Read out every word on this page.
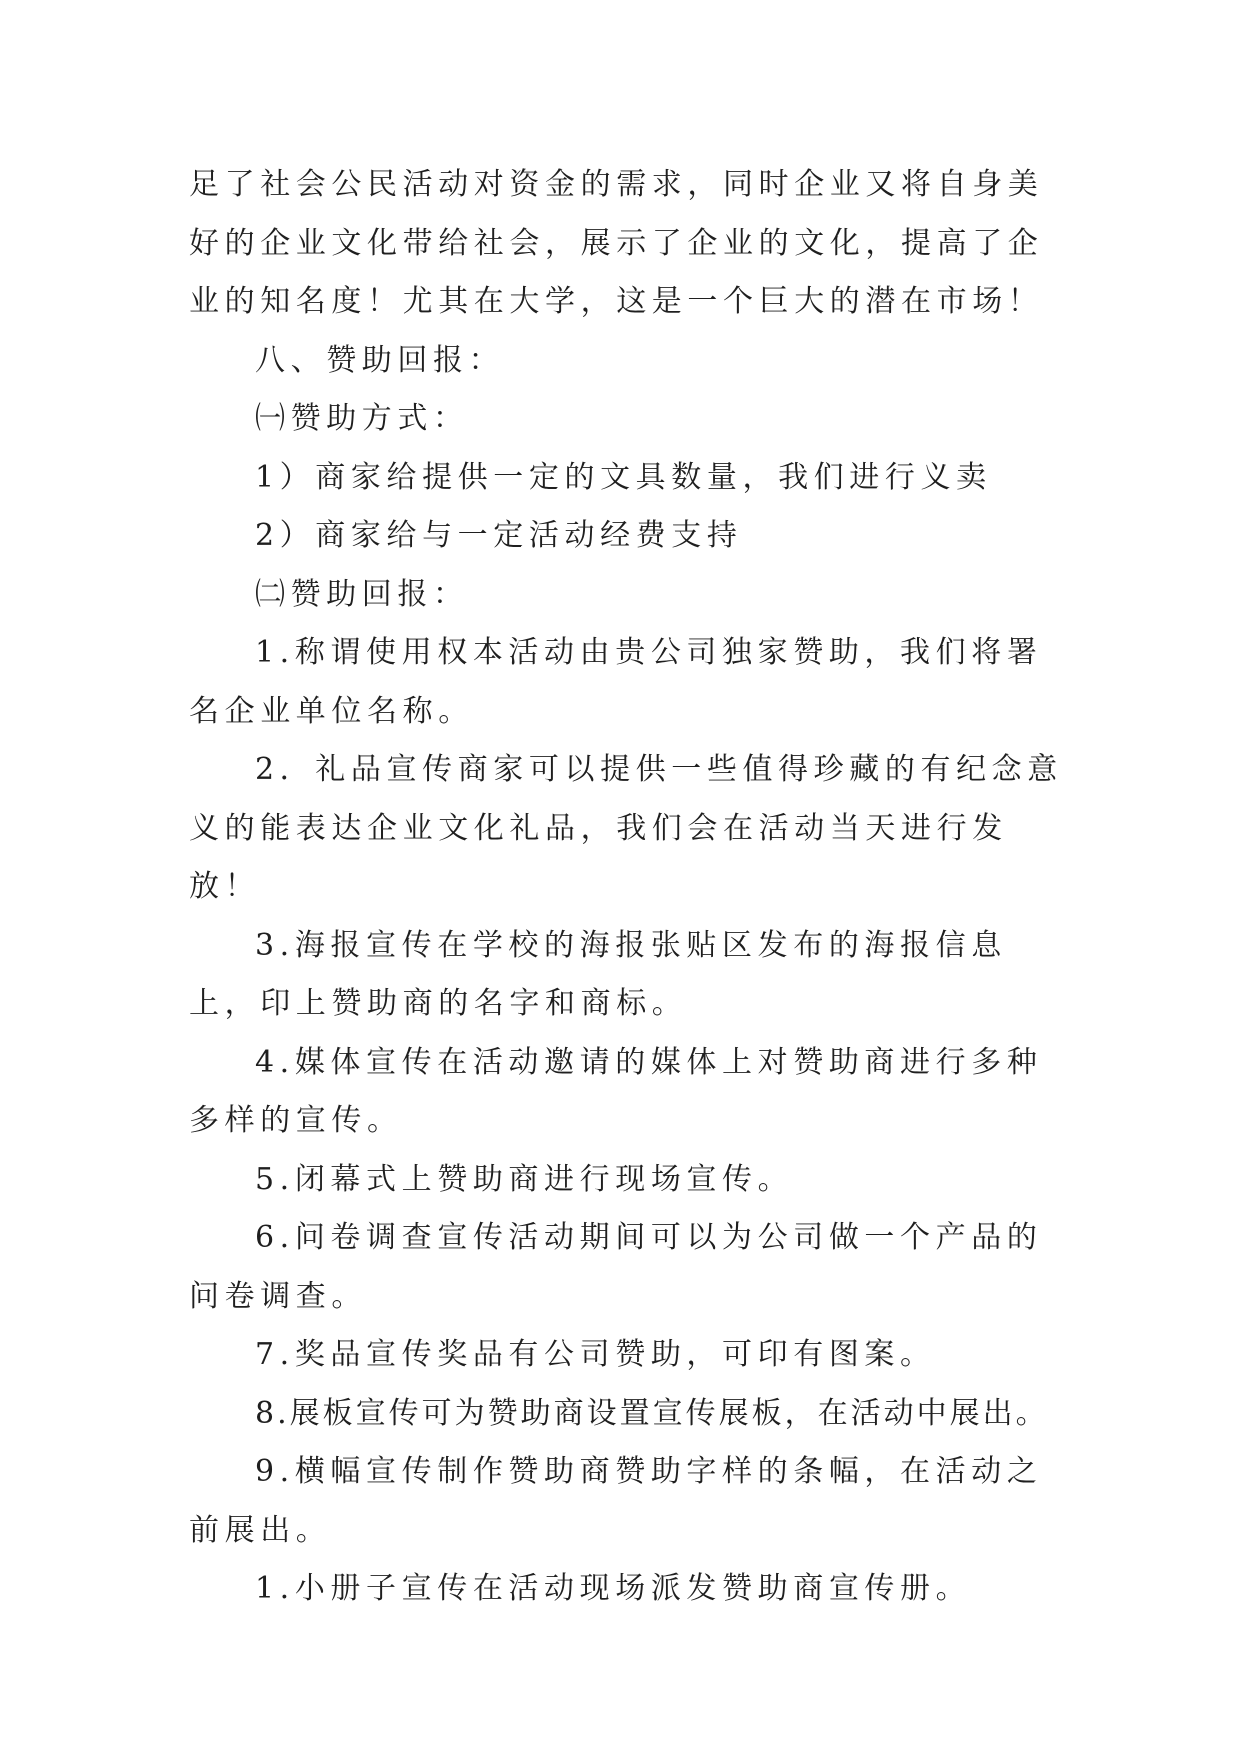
足了社会公民活动对资金的需求，同时企业又将自身美好的企业文化带给社会，展示了企业的文化，提高了企业的知名度！尤其在大学，这是一个巨大的潜在市场！

八、赞助回报：

㈠赞助方式：

1）商家给提供一定的文具数量，我们进行义卖

2）商家给与一定活动经费支持

㈡赞助回报：

1.称谓使用权本活动由贵公司独家赞助，我们将署名企业单位名称。

2．礼品宣传商家可以提供一些值得珍藏的有纪念意义的能表达企业文化礼品，我们会在活动当天进行发放！

3.海报宣传在学校的海报张贴区发布的海报信息上，印上赞助商的名字和商标。

4.媒体宣传在活动邀请的媒体上对赞助商进行多种多样的宣传。

5.闭幕式上赞助商进行现场宣传。

6.问卷调查宣传活动期间可以为公司做一个产品的问卷调查。

7.奖品宣传奖品有公司赞助，可印有图案。

8.展板宣传可为赞助商设置宣传展板，在活动中展出。

9.横幅宣传制作赞助商赞助字样的条幅，在活动之前展出。

1.小册子宣传在活动现场派发赞助商宣传册。
